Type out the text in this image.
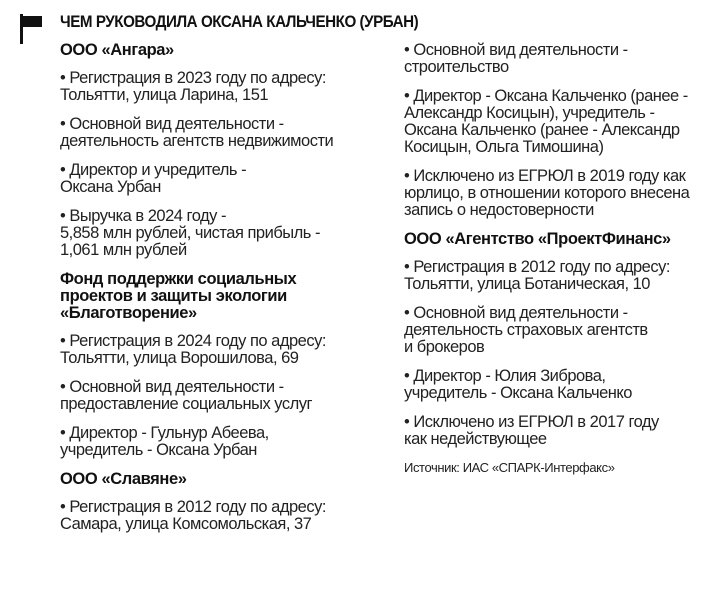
ЧЕМ РУКОВОДИЛА ОКСАНА КАЛЬЧЕНКО (УРБАН)
ООО «Ангара»
• Регистрация в 2023 году по адресу:
Тольятти, улица Ларина, 151
• Основной вид деятельности -
деятельность агентств недвижимости
• Директор и учредитель -
Оксана Урбан
• Выручка в 2024 году -
5,858 млн рублей, чистая прибыль -
1,061 млн рублей
Фонд поддержки социальных
проектов и защиты экологии
«Благотворение»
• Регистрация в 2024 году по адресу:
Тольятти, улица Ворошилова, 69
• Основной вид деятельности -
предоставление социальных услуг
• Директор - Гульнур Абеева,
учредитель - Оксана Урбан
ООО «Славяне»
• Регистрация в 2012 году по адресу:
Самара, улица Комсомольская, 37
• Основной вид деятельности -
строительство
• Директор - Оксана Кальченко (ранее -
Александр Косицын), учредитель -
Оксана Кальченко (ранее - Александр
Косицын, Ольга Тимошина)
• Исключено из ЕГРЮЛ в 2019 году как
юрлицо, в отношении которого внесена
запись о недостоверности
ООО «Агентство «ПроектФинанс»
• Регистрация в 2012 году по адресу:
Тольятти, улица Ботаническая, 10
• Основной вид деятельности -
деятельность страховых агентств
и брокеров
• Директор - Юлия Зиброва,
учредитель - Оксана Кальченко
• Исключено из ЕГРЮЛ в 2017 году
как недействующее
Источник: ИАС «СПАРК-Интерфакс»
